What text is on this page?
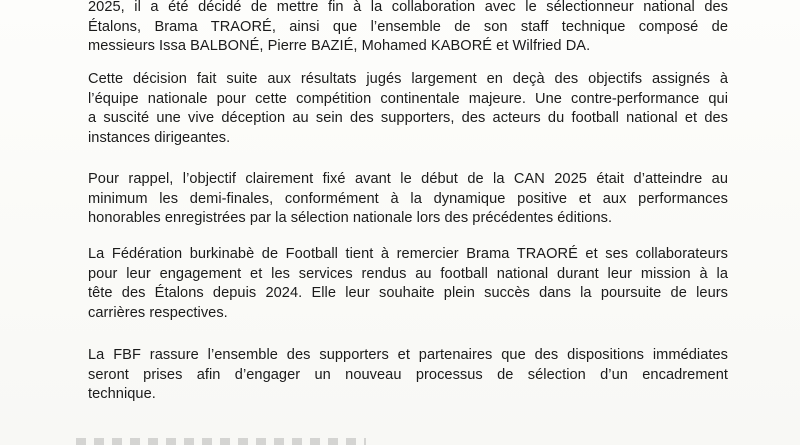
2025, il a été décidé de mettre fin à la collaboration avec le sélectionneur national des
Étalons, Brama TRAORÉ, ainsi que l’ensemble de son staff technique composé de
messieurs Issa BALBONÉ, Pierre BAZIÉ, Mohamed KABORÉ et Wilfried DA.

Cette décision fait suite aux résultats jugés largement en deçà des objectifs assignés à
l’équipe nationale pour cette compétition continentale majeure. Une contre-performance qui
a suscité une vive déception au sein des supporters, des acteurs du football national et des
instances dirigeantes.

Pour rappel, l’objectif clairement fixé avant le début de la CAN 2025 était d’atteindre au
minimum les demi-finales, conformément à la dynamique positive et aux performances
honorables enregistrées par la sélection nationale lors des précédentes éditions.

La Fédération burkinabè de Football tient à remercier Brama TRAORÉ et ses collaborateurs
pour leur engagement et les services rendus au football national durant leur mission à la
tête des Étalons depuis 2024. Elle leur souhaite plein succès dans la poursuite de leurs
carrières respectives.

La FBF rassure l’ensemble des supporters et partenaires que des dispositions immédiates
seront prises afin d’engager un nouveau processus de sélection d’un encadrement
technique.
